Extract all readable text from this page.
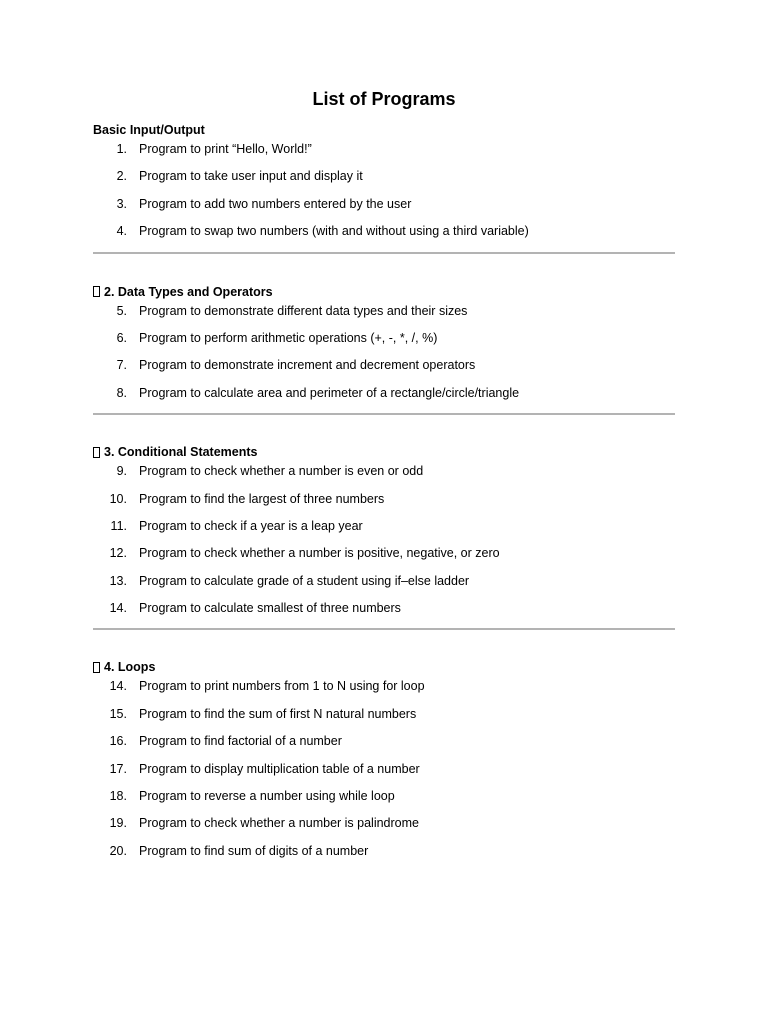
List of Programs
Basic Input/Output
1. Program to print “Hello, World!”
2. Program to take user input and display it
3. Program to add two numbers entered by the user
4. Program to swap two numbers (with and without using a third variable)
2. Data Types and Operators
5. Program to demonstrate different data types and their sizes
6. Program to perform arithmetic operations (+, -, *, /, %)
7. Program to demonstrate increment and decrement operators
8. Program to calculate area and perimeter of a rectangle/circle/triangle
3. Conditional Statements
9. Program to check whether a number is even or odd
10. Program to find the largest of three numbers
11. Program to check if a year is a leap year
12. Program to check whether a number is positive, negative, or zero
13. Program to calculate grade of a student using if–else ladder
14. Program to calculate smallest of three numbers
4. Loops
14. Program to print numbers from 1 to N using for loop
15. Program to find the sum of first N natural numbers
16. Program to find factorial of a number
17. Program to display multiplication table of a number
18. Program to reverse a number using while loop
19. Program to check whether a number is palindrome
20. Program to find sum of digits of a number
